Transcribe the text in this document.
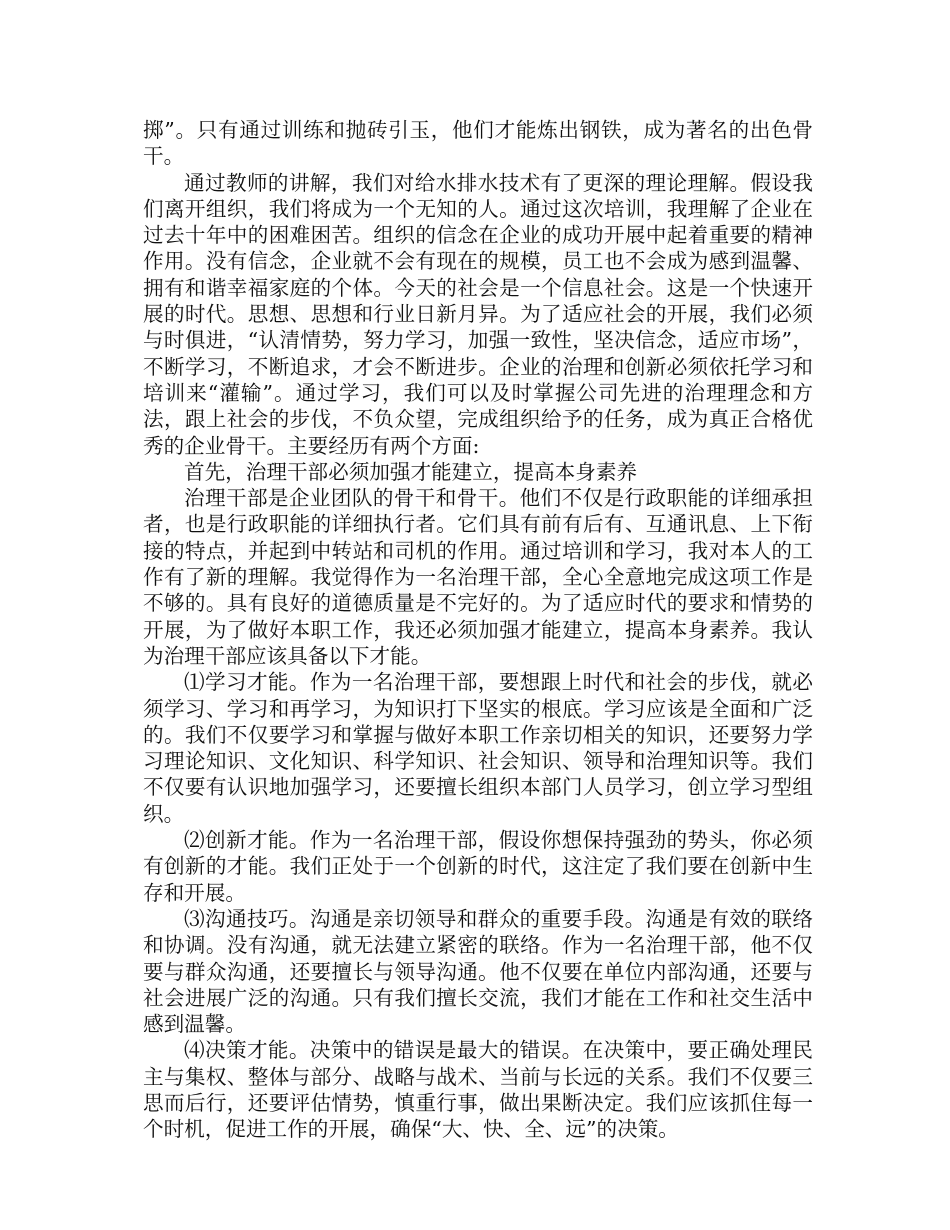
掷”。只有通过训练和抛砖引玉，他们才能炼出钢铁，成为著名的出色骨干。

通过教师的讲解，我们对给水排水技术有了更深的理论理解。假设我们离开组织，我们将成为一个无知的人。通过这次培训，我理解了企业在过去十年中的困难困苦。组织的信念在企业的成功开展中起着重要的精神作用。没有信念，企业就不会有现在的规模，员工也不会成为感到温馨、拥有和谐幸福家庭的个体。今天的社会是一个信息社会。这是一个快速开展的时代。思想、思想和行业日新月异。为了适应社会的开展，我们必须与时俱进，“认清情势，努力学习，加强一致性，坚决信念，适应市场”，不断学习，不断追求，才会不断进步。企业的治理和创新必须依托学习和培训来“灌输”。通过学习，我们可以及时掌握公司先进的治理理念和方法，跟上社会的步伐，不负众望，完成组织给予的任务，成为真正合格优秀的企业骨干。主要经历有两个方面:

首先，治理干部必须加强才能建立，提高本身素养

治理干部是企业团队的骨干和骨干。他们不仅是行政职能的详细承担者，也是行政职能的详细执行者。它们具有前有后有、互通讯息、上下衔接的特点，并起到中转站和司机的作用。通过培训和学习，我对本人的工作有了新的理解。我觉得作为一名治理干部，全心全意地完成这项工作是不够的。具有良好的道德质量是不完好的。为了适应时代的要求和情势的开展，为了做好本职工作，我还必须加强才能建立，提高本身素养。我认为治理干部应该具备以下才能。

⑴学习才能。作为一名治理干部，要想跟上时代和社会的步伐，就必须学习、学习和再学习，为知识打下坚实的根底。学习应该是全面和广泛的。我们不仅要学习和掌握与做好本职工作亲切相关的知识，还要努力学习理论知识、文化知识、科学知识、社会知识、领导和治理知识等。我们不仅要有认识地加强学习，还要擅长组织本部门人员学习，创立学习型组织。

⑵创新才能。作为一名治理干部，假设你想保持强劲的势头，你必须有创新的才能。我们正处于一个创新的时代，这注定了我们要在创新中生存和开展。

⑶沟通技巧。沟通是亲切领导和群众的重要手段。沟通是有效的联络和协调。没有沟通，就无法建立紧密的联络。作为一名治理干部，他不仅要与群众沟通，还要擅长与领导沟通。他不仅要在单位内部沟通，还要与社会进展广泛的沟通。只有我们擅长交流，我们才能在工作和社交生活中感到温馨。

⑷决策才能。决策中的错误是最大的错误。在决策中，要正确处理民主与集权、整体与部分、战略与战术、当前与长远的关系。我们不仅要三思而后行，还要评估情势，慎重行事，做出果断决定。我们应该抓住每一个时机，促进工作的开展，确保“大、快、全、远”的决策。
